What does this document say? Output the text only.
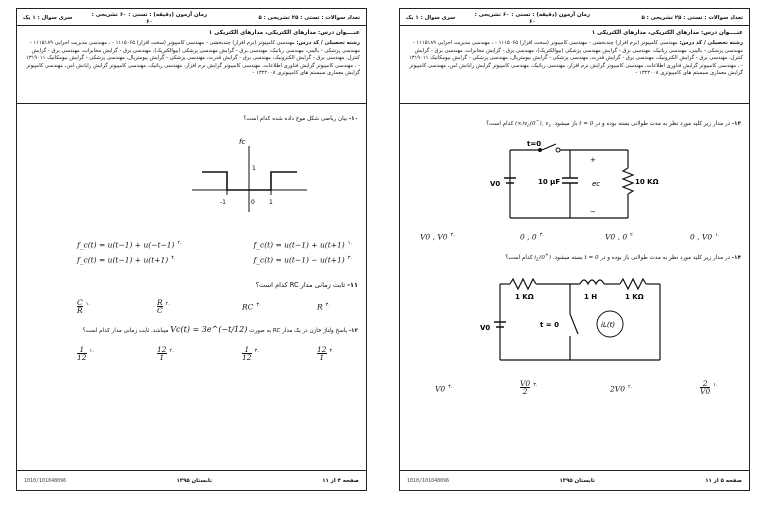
تعداد سوالات : تستی : ۲۵ تشریحی : ۵
زمان آزمون (دقیقه) : تستی : ۶۰ تشریحی : ۶۰
سری سوال : ۱ یک
عنــــوان درس: مدارهای الکتریکی، مدارهای الکتریکی ۱
رشته تحصیلی / کد درس: مهندسی کامپیوتر (نرم افزار) چندبخشی - مهندسی کامپیوتر (سخت افزار) ۱۱۱۵۰۶۵ - ، مهندسی مدیریت اجرایی ۱۱۱۵۱۸۹ - مهندسی پزشکی - بالینی، مهندسی رباتیک، مهندسی برق - گرایش مهندسی پزشکی (بیوالکتریک)، مهندسی برق - گرایش مخابرات، مهندسی برق - گرایش کنترل، مهندسی برق - گرایش الکترونیک، مهندسی برق - گرایش قدرت، مهندسی پزشکی - گرایش بیومتریال، مهندسی پزشکی - گرایش بیومکانیک ۱۳۱۹۰۱۱ - ، مهندسی کامپیوتر گرایش فناوری اطلاعات، مهندسی کامپیوتر گرایش نرم افزار، مهندسی رباتیک، مهندسی کامپیوتر گرایش رایانش امن، مهندسی کامپیوتر گرایش معماری سیستم های کامپیوتری ۱۳۲۲۰۰۸ -
۱۰- بیان ریاضی شکل موج داده شده کدام است؟
fc
1
-1	1
0
f_c(t) = u(t−1) + u(t+1) $^{۱.}$
f_c(t) = u(t−1) + u(−t−1) $^{۲.}$
f_c(t) = u(t−1) − u(t+1) $^{۳.}$
f_c(t) = u(t−1) + u(t+1) $^{۴.}$
۱۱- ثابت زمانی مدار RC کدام است؟
$\frac{C}{R} ^{۱.}$	$\frac{R}{C} ^{۲.}$	RC $^{۳.}$	R $^{۴.}$
۱۲- پاسخ ولتاژ خازن در یک مدار RC به صورت Vc(t) = 3e^(−t/12) میباشد. ثابت زمانی مدار کدام است؟
$\frac{1}{12} ^{۱.}$	$\frac{12}{1} ^{۲.}$	$\frac{1}{12} ^{۳.}$	$\frac{12}{1} ^{۴.}$
1010/101048096	تابستان ۱۳۹۵	صفحه ۴ از ۱۱
تعداد سوالات : تستی : ۲۵ تشریحی : ۵
زمان آزمون (دقیقه) : تستی : ۶۰ تشریحی : ۶۰
سری سوال : ۱ یک
عنــــوان درس: مدارهای الکتریکی، مدارهای الکتریکی ۱
رشته تحصیلی / کد درس: مهندسی کامپیوتر (نرم افزار) چندبخشی - مهندسی کامپیوتر (سخت افزار) ۱۱۱۵۰۶۵ - ، مهندسی مدیریت اجرایی ۱۱۱۵۱۸۹ - مهندسی پزشکی - بالینی، مهندسی رباتیک، مهندسی برق - گرایش مهندسی پزشکی (بیوالکتریک)، مهندسی برق - گرایش مخابرات، مهندسی برق - گرایش کنترل، مهندسی برق - گرایش الکترونیک، مهندسی برق - گرایش قدرت، مهندسی پزشکی - گرایش بیومتریال، مهندسی پزشکی - گرایش بیومکانیک ۱۳۱۹۰۱۱ - ، مهندسی کامپیوتر گرایش فناوری اطلاعات، مهندسی کامپیوتر گرایش نرم افزار، مهندسی رباتیک، مهندسی کامپیوتر گرایش رایانش امن، مهندسی کامپیوتر گرایش معماری سیستم های کامپیوتری ۱۳۲۲۰۰۸ -
۱۳- در مدار زیر کلید مورد نظر به مدت طولانی بسته بوده و در t = 0 باز میشود. $v_c(0^-)$, $v_c(\infty)$ کدام است؟
t=0
V0	10 µF	ec
+
−
10 KΩ
V0 , V0 $^{۴.}$	0 , 0 $^{۳.}$	V0 , 0 $^{۲.}$	0 , V0 $^{۱.}$
۱۴- در مدار زیر کلید مورد نظر به مدت طولانی باز بوده و در t = 0 بسته میشود. $i_L(0^+)$ کدام است؟
1 KΩ	1 H	1 KΩ
V0	t = 0	iL(t)
$\frac{2}{V0} ^{۱.}$
2V0 $^{۲.}$
$\frac{V0}{2} ^{۳.}$
V0 $^{۴.}$
1010/101048096	تابستان ۱۳۹۵	صفحه ۵ از ۱۱
